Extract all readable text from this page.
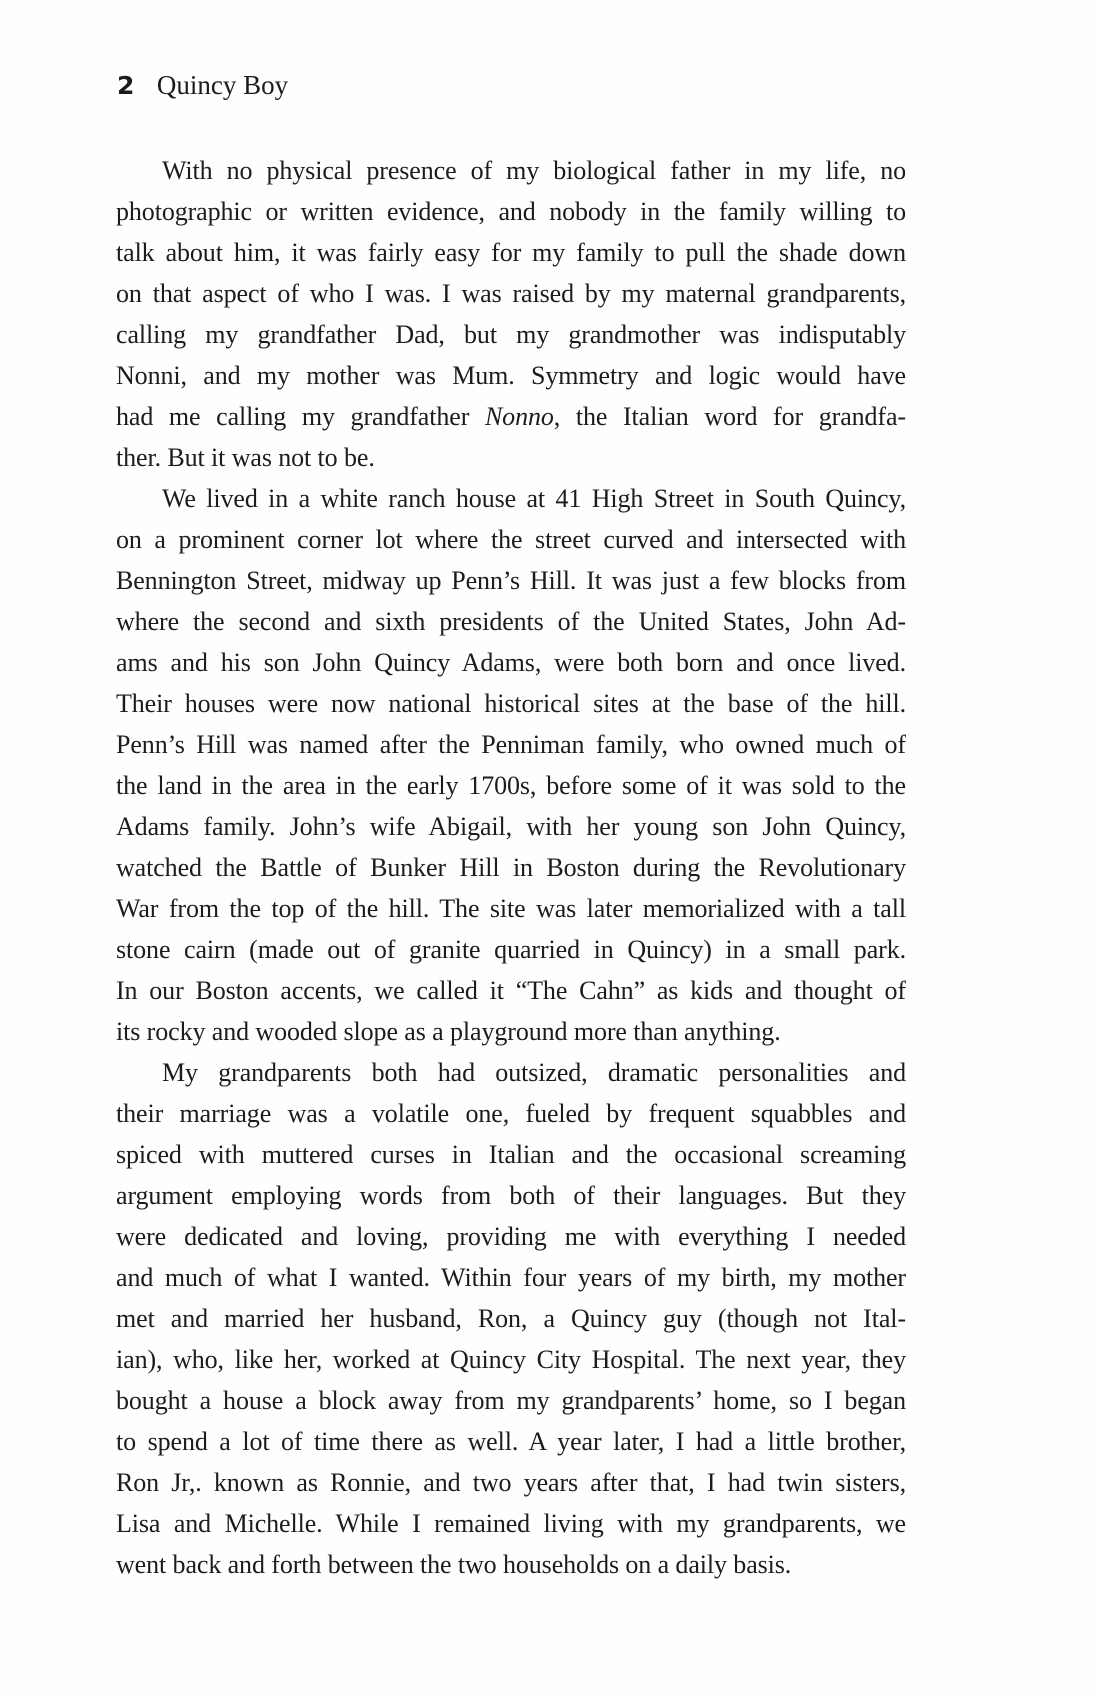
2 Quincy Boy
With no physical presence of my biological father in my life, no
photographic or written evidence, and nobody in the family willing to
talk about him, it was fairly easy for my family to pull the shade down
on that aspect of who I was. I was raised by my maternal grandparents,
calling my grandfather Dad, but my grandmother was indisputably
Nonni, and my mother was Mum. Symmetry and logic would have
had me calling my grandfather Nonno, the Italian word for grandfa-
ther. But it was not to be.
We lived in a white ranch house at 41 High Street in South Quincy,
on a prominent corner lot where the street curved and intersected with
Bennington Street, midway up Penn’s Hill. It was just a few blocks from
where the second and sixth presidents of the United States, John Ad-
ams and his son John Quincy Adams, were both born and once lived.
Their houses were now national historical sites at the base of the hill.
Penn’s Hill was named after the Penniman family, who owned much of
the land in the area in the early 1700s, before some of it was sold to the
Adams family. John’s wife Abigail, with her young son John Quincy,
watched the Battle of Bunker Hill in Boston during the Revolutionary
War from the top of the hill. The site was later memorialized with a tall
stone cairn (made out of granite quarried in Quincy) in a small park.
In our Boston accents, we called it “The Cahn” as kids and thought of
its rocky and wooded slope as a playground more than anything.
My grandparents both had outsized, dramatic personalities and
their marriage was a volatile one, fueled by frequent squabbles and
spiced with muttered curses in Italian and the occasional screaming
argument employing words from both of their languages. But they
were dedicated and loving, providing me with everything I needed
and much of what I wanted. Within four years of my birth, my mother
met and married her husband, Ron, a Quincy guy (though not Ital-
ian), who, like her, worked at Quincy City Hospital. The next year, they
bought a house a block away from my grandparents’ home, so I began
to spend a lot of time there as well. A year later, I had a little brother,
Ron Jr,. known as Ronnie, and two years after that, I had twin sisters,
Lisa and Michelle. While I remained living with my grandparents, we
went back and forth between the two households on a daily basis.
